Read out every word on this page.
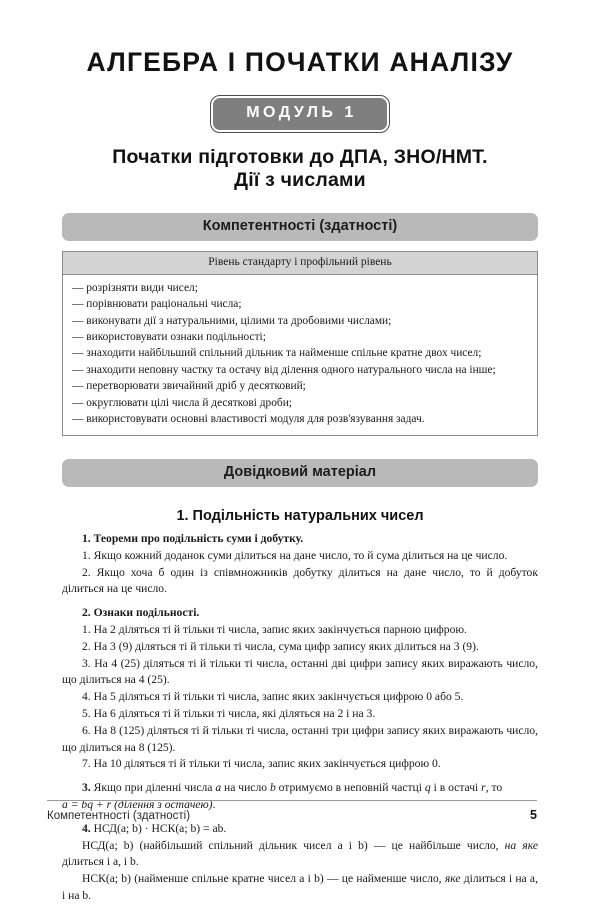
АЛГЕБРА І ПОЧАТКИ АНАЛІЗУ
МОДУЛЬ 1
Початки підготовки до ДПА, ЗНО/НМТ.
Дії з числами
Компетентності (здатності)
Рівень стандарту і профільний рівень
— розрізняти види чисел;
— порівнювати раціональні числа;
— виконувати дії з натуральними, цілими та дробовими числами;
— використовувати ознаки подільності;
— знаходити найбільший спільний дільник та найменше спільне кратне двох чисел;
— знаходити неповну частку та остачу від ділення одного натурального числа на інше;
— перетворювати звичайний дріб у десятковий;
— округлювати цілі числа й десяткові дроби;
— використовувати основні властивості модуля для розв'язування задач.
Довідковий матеріал
1. Подільність натуральних чисел

1. Теореми про подільність суми і добутку.

1. Якщо кожний доданок суми ділиться на дане число, то й сума ділиться на це число.

2. Якщо хоча б один із співмножників добутку ділиться на дане число, то й добуток ділиться на це число.

2. Ознаки подільності.

1. На 2 діляться ті й тільки ті числа, запис яких закінчується парною цифрою.

2. На 3 (9) діляться ті й тільки ті числа, сума цифр запису яких ділиться на 3 (9).

3. На 4 (25) діляться ті й тільки ті числа, останні дві цифри запису яких виражають число, що ділиться на 4 (25).

4. На 5 діляться ті й тільки ті числа, запис яких закінчується цифрою 0 або 5.

5. На 6 діляться ті й тільки ті числа, які діляться на 2 і на 3.

6. На 8 (125) діляться ті й тільки ті числа, останні три цифри запису яких виражають число, що ділиться на 8 (125).

7. На 10 діляться ті й тільки ті числа, запис яких закінчується цифрою 0.

3. Якщо при діленні числа a на число b отримуємо в неповній частці q і в остачі r, то
a = bq + r (ділення з остачею).

4. НСД(a; b) · НСК(a; b) = ab.

НСД(a; b) (найбільший спільний дільник чисел a і b) — це найбільше число, на яке ділиться і a, і b.

НСК(a; b) (найменше спільне кратне чисел a і b) — це найменше число, яке ділиться і на a, і на b.

Компетентності (здатності)	5
